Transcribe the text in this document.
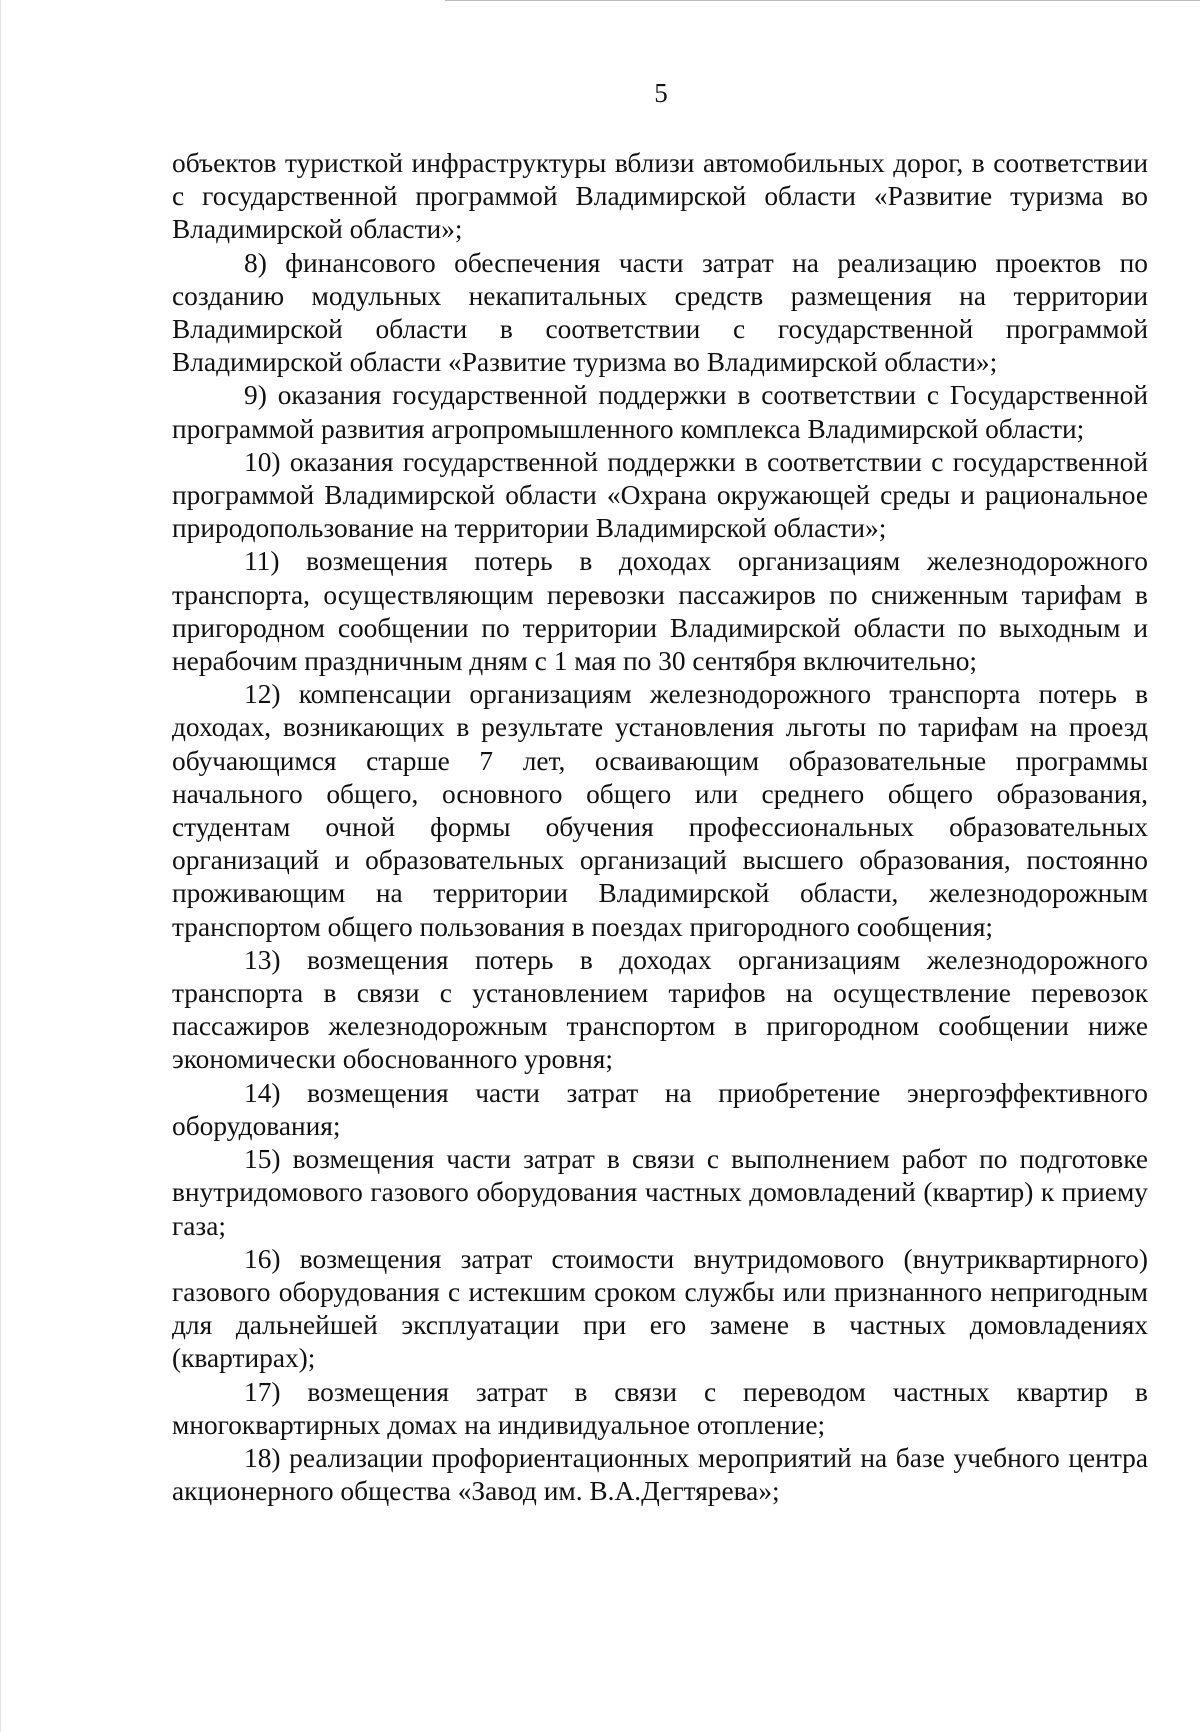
5

объектов туристкой инфраструктуры вблизи автомобильных дорог, в соответствии с государственной программой Владимирской области «Развитие туризма во Владимирской области»;

8) финансового обеспечения части затрат на реализацию проектов по созданию модульных некапитальных средств размещения на территории Владимирской области в соответствии с государственной программой Владимирской области «Развитие туризма во Владимирской области»;

9) оказания государственной поддержки в соответствии с Государственной программой развития агропромышленного комплекса Владимирской области;

10) оказания государственной поддержки в соответствии с государственной программой Владимирской области «Охрана окружающей среды и рациональное природопользование на территории Владимирской области»;

11) возмещения потерь в доходах организациям железнодорожного транспорта, осуществляющим перевозки пассажиров по сниженным тарифам в пригородном сообщении по территории Владимирской области по выходным и нерабочим праздничным дням с 1 мая по 30 сентября включительно;

12) компенсации организациям железнодорожного транспорта потерь в доходах, возникающих в результате установления льготы по тарифам на проезд обучающимся старше 7 лет, осваивающим образовательные программы начального общего, основного общего или среднего общего образования, студентам очной формы обучения профессиональных образовательных организаций и образовательных организаций высшего образования, постоянно проживающим на территории Владимирской области, железнодорожным транспортом общего пользования в поездах пригородного сообщения;

13) возмещения потерь в доходах организациям железнодорожного транспорта в связи с установлением тарифов на осуществление перевозок пассажиров железнодорожным транспортом в пригородном сообщении ниже экономически обоснованного уровня;

14) возмещения части затрат на приобретение энергоэффективного оборудования;

15) возмещения части затрат в связи с выполнением работ по подготовке внутридомового газового оборудования частных домовладений (квартир) к приему газа;

16) возмещения затрат стоимости внутридомового (внутриквартирного) газового оборудования с истекшим сроком службы или признанного непригодным для дальнейшей эксплуатации при его замене в частных домовладениях (квартирах);

17) возмещения затрат в связи с переводом частных квартир в многоквартирных домах на индивидуальное отопление;

18) реализации профориентационных мероприятий на базе учебного центра акционерного общества «Завод им. В.А.Дегтярева»;
